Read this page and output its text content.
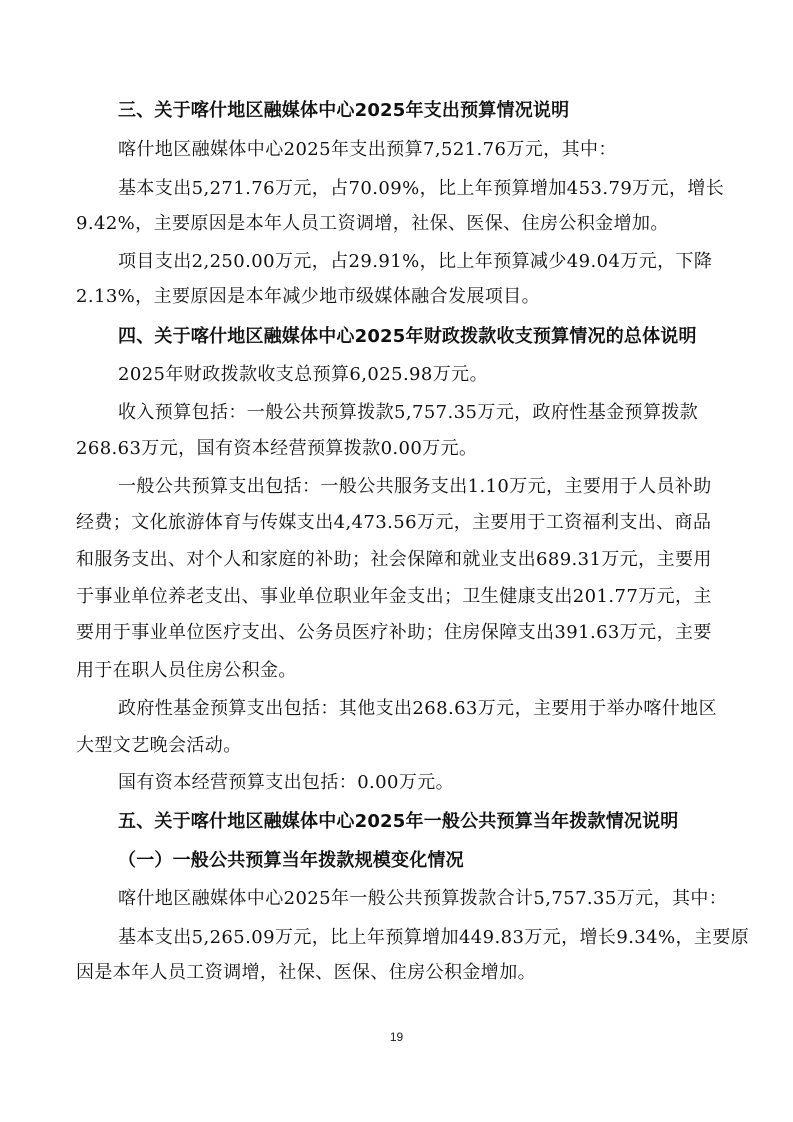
三、关于喀什地区融媒体中心2025年支出预算情况说明
喀什地区融媒体中心2025年支出预算7,521.76万元，其中：
基本支出5,271.76万元，占70.09%，比上年预算增加453.79万元，增长
9.42%，主要原因是本年人员工资调增，社保、医保、住房公积金增加。
项目支出2,250.00万元，占29.91%，比上年预算减少49.04万元，下降
2.13%，主要原因是本年减少地市级媒体融合发展项目。
四、关于喀什地区融媒体中心2025年财政拨款收支预算情况的总体说明
2025年财政拨款收支总预算6,025.98万元。
收入预算包括：一般公共预算拨款5,757.35万元，政府性基金预算拨款
268.63万元，国有资本经营预算拨款0.00万元。
一般公共预算支出包括：一般公共服务支出1.10万元，主要用于人员补助
经费；文化旅游体育与传媒支出4,473.56万元，主要用于工资福利支出、商品
和服务支出、对个人和家庭的补助；社会保障和就业支出689.31万元，主要用
于事业单位养老支出、事业单位职业年金支出；卫生健康支出201.77万元，主
要用于事业单位医疗支出、公务员医疗补助；住房保障支出391.63万元，主要
用于在职人员住房公积金。
政府性基金预算支出包括：其他支出268.63万元，主要用于举办喀什地区
大型文艺晚会活动。
国有资本经营预算支出包括：0.00万元。
五、关于喀什地区融媒体中心2025年一般公共预算当年拨款情况说明
（一）一般公共预算当年拨款规模变化情况
喀什地区融媒体中心2025年一般公共预算拨款合计5,757.35万元，其中：
基本支出5,265.09万元，比上年预算增加449.83万元，增长9.34%，主要原
因是本年人员工资调增，社保、医保、住房公积金增加。
19
